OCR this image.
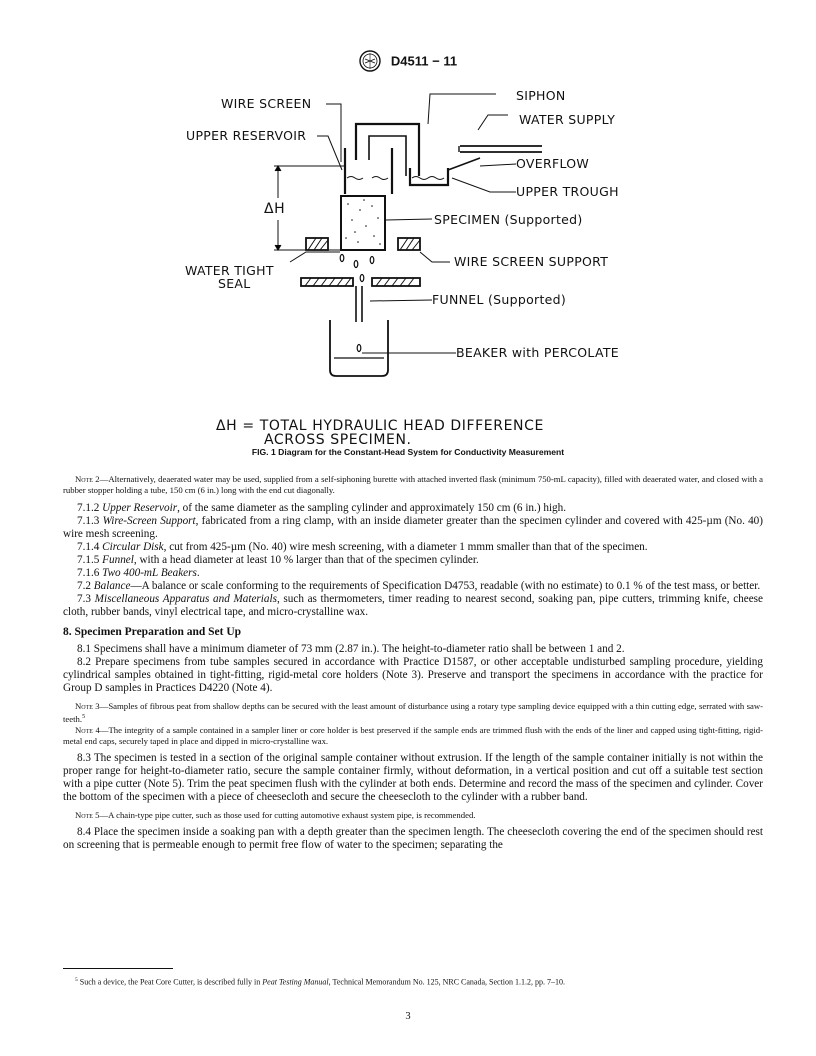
D4511 − 11
WIRE SCREEN
UPPER RESERVOIR
SIPHON
WATER SUPPLY
OVERFLOW
UPPER TROUGH
ΔH
SPECIMEN (Supported)
WATER TIGHT
SEAL
WIRE SCREEN SUPPORT
FUNNEL (Supported)
BEAKER with PERCOLATE
ΔH = TOTAL HYDRAULIC HEAD DIFFERENCE
ACROSS SPECIMEN.
FIG. 1 Diagram for the Constant-Head System for Conductivity Measurement

Note 2—Alternatively, deaerated water may be used, supplied from a self-siphoning burette with attached inverted flask (minimum 750-mL capacity), filled with deaerated water, and closed with a rubber stopper holding a tube, 150 cm (6 in.) long with the end cut diagonally.

7.1.2 Upper Reservoir, of the same diameter as the sampling cylinder and approximately 150 cm (6 in.) high.

7.1.3 Wire-Screen Support, fabricated from a ring clamp, with an inside diameter greater than the specimen cylinder and covered with 425-µm (No. 40) wire mesh screening.

7.1.4 Circular Disk, cut from 425-µm (No. 40) wire mesh screening, with a diameter 1 mmm smaller than that of the specimen.

7.1.5 Funnel, with a head diameter at least 10 % larger than that of the specimen cylinder.

7.1.6 Two 400-mL Beakers.

7.2 Balance—A balance or scale conforming to the requirements of Specification D4753, readable (with no estimate) to 0.1 % of the test mass, or better.

7.3 Miscellaneous Apparatus and Materials, such as thermometers, timer reading to nearest second, soaking pan, pipe cutters, trimming knife, cheese cloth, rubber bands, vinyl electrical tape, and micro-crystalline wax.

8. Specimen Preparation and Set Up

8.1 Specimens shall have a minimum diameter of 73 mm (2.87 in.). The height-to-diameter ratio shall be between 1 and 2.

8.2 Prepare specimens from tube samples secured in accordance with Practice D1587, or other acceptable undisturbed sampling procedure, yielding cylindrical samples obtained in tight-fitting, rigid-metal core holders (Note 3). Preserve and transport the specimens in accordance with the practice for Group D samples in Practices D4220 (Note 4).

Note 3—Samples of fibrous peat from shallow depths can be secured with the least amount of disturbance using a rotary type sampling device equipped with a thin cutting edge, serrated with saw-teeth.$^5$

Note 4—The integrity of a sample contained in a sampler liner or core holder is best preserved if the sample ends are trimmed flush with the ends of the liner and capped using tight-fitting, rigid-metal end caps, securely taped in place and dipped in micro-crystalline wax.

8.3 The specimen is tested in a section of the original sample container without extrusion. If the length of the sample container initially is not within the proper range for height-to-diameter ratio, secure the sample container firmly, without deformation, in a vertical position and cut off a suitable test section with a pipe cutter (Note 5). Trim the peat specimen flush with the cylinder at both ends. Determine and record the mass of the specimen and cylinder. Cover the bottom of the specimen with a piece of cheesecloth and secure the cheesecloth to the cylinder with a rubber band.

Note 5—A chain-type pipe cutter, such as those used for cutting automotive exhaust system pipe, is recommended.

8.4 Place the specimen inside a soaking pan with a depth greater than the specimen length. The cheesecloth covering the end of the specimen should rest on screening that is permeable enough to permit free flow of water to the specimen; separating the

$^5$ Such a device, the Peat Core Cutter, is described fully in Peat Testing Manual, Technical Memorandum No. 125, NRC Canada, Section 1.1.2, pp. 7–10.

3
